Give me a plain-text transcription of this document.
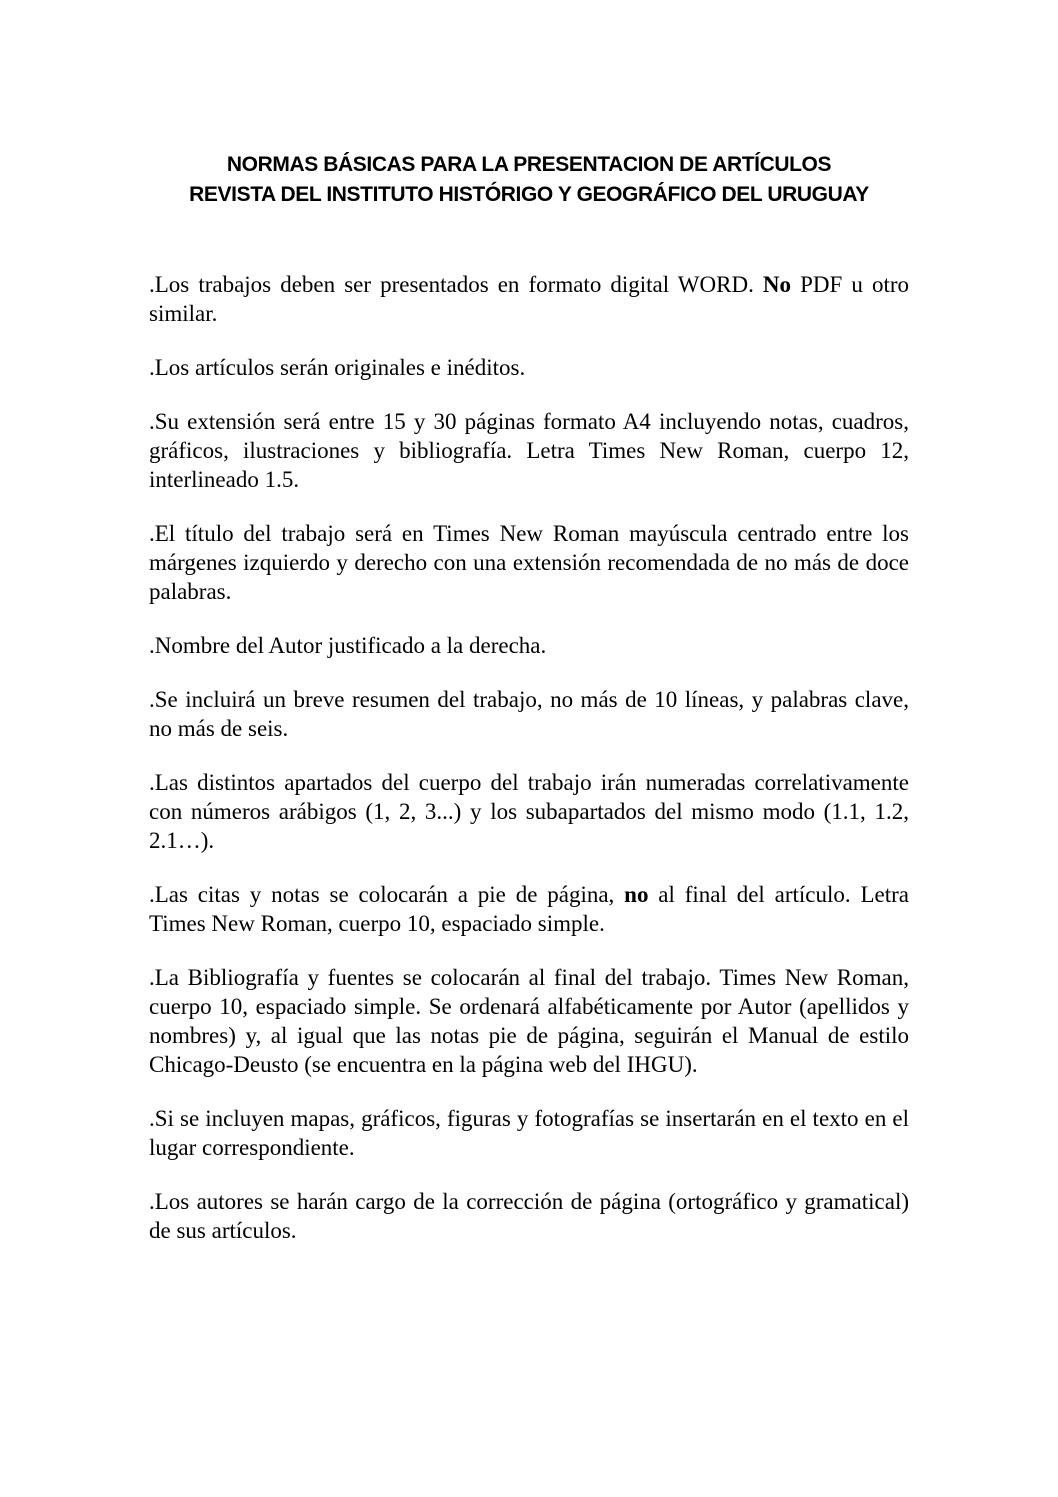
NORMAS BÁSICAS PARA LA PRESENTACION DE ARTÍCULOS
REVISTA DEL INSTITUTO HISTÓRIGO Y GEOGRÁFICO DEL URUGUAY

.Los trabajos deben ser presentados en formato digital WORD. No PDF u otro similar.

.Los artículos serán originales e inéditos.

.Su extensión será entre 15 y 30 páginas formato A4 incluyendo notas, cuadros, gráficos, ilustraciones y bibliografía. Letra Times New Roman, cuerpo 12, interlineado 1.5.

.El título del trabajo será en Times New Roman mayúscula centrado entre los márgenes izquierdo y derecho con una extensión recomendada de no más de doce palabras.

.Nombre del Autor justificado a la derecha.

.Se incluirá un breve resumen del trabajo, no más de 10 líneas, y palabras clave, no más de seis.

.Las distintos apartados del cuerpo del trabajo irán numeradas correlativamente con números arábigos (1, 2, 3...) y los subapartados del mismo modo (1.1, 1.2, 2.1…).

.Las citas y notas se colocarán a pie de página, no al final del artículo. Letra Times New Roman, cuerpo 10, espaciado simple.

.La Bibliografía y fuentes se colocarán al final del trabajo. Times New Roman, cuerpo 10, espaciado simple. Se ordenará alfabéticamente por Autor (apellidos y nombres) y, al igual que las notas pie de página, seguirán el Manual de estilo Chicago-Deusto (se encuentra en la página web del IHGU).

.Si se incluyen mapas, gráficos, figuras y fotografías se insertarán en el texto en el lugar correspondiente.

.Los autores se harán cargo de la corrección de página (ortográfico y gramatical) de sus artículos.
